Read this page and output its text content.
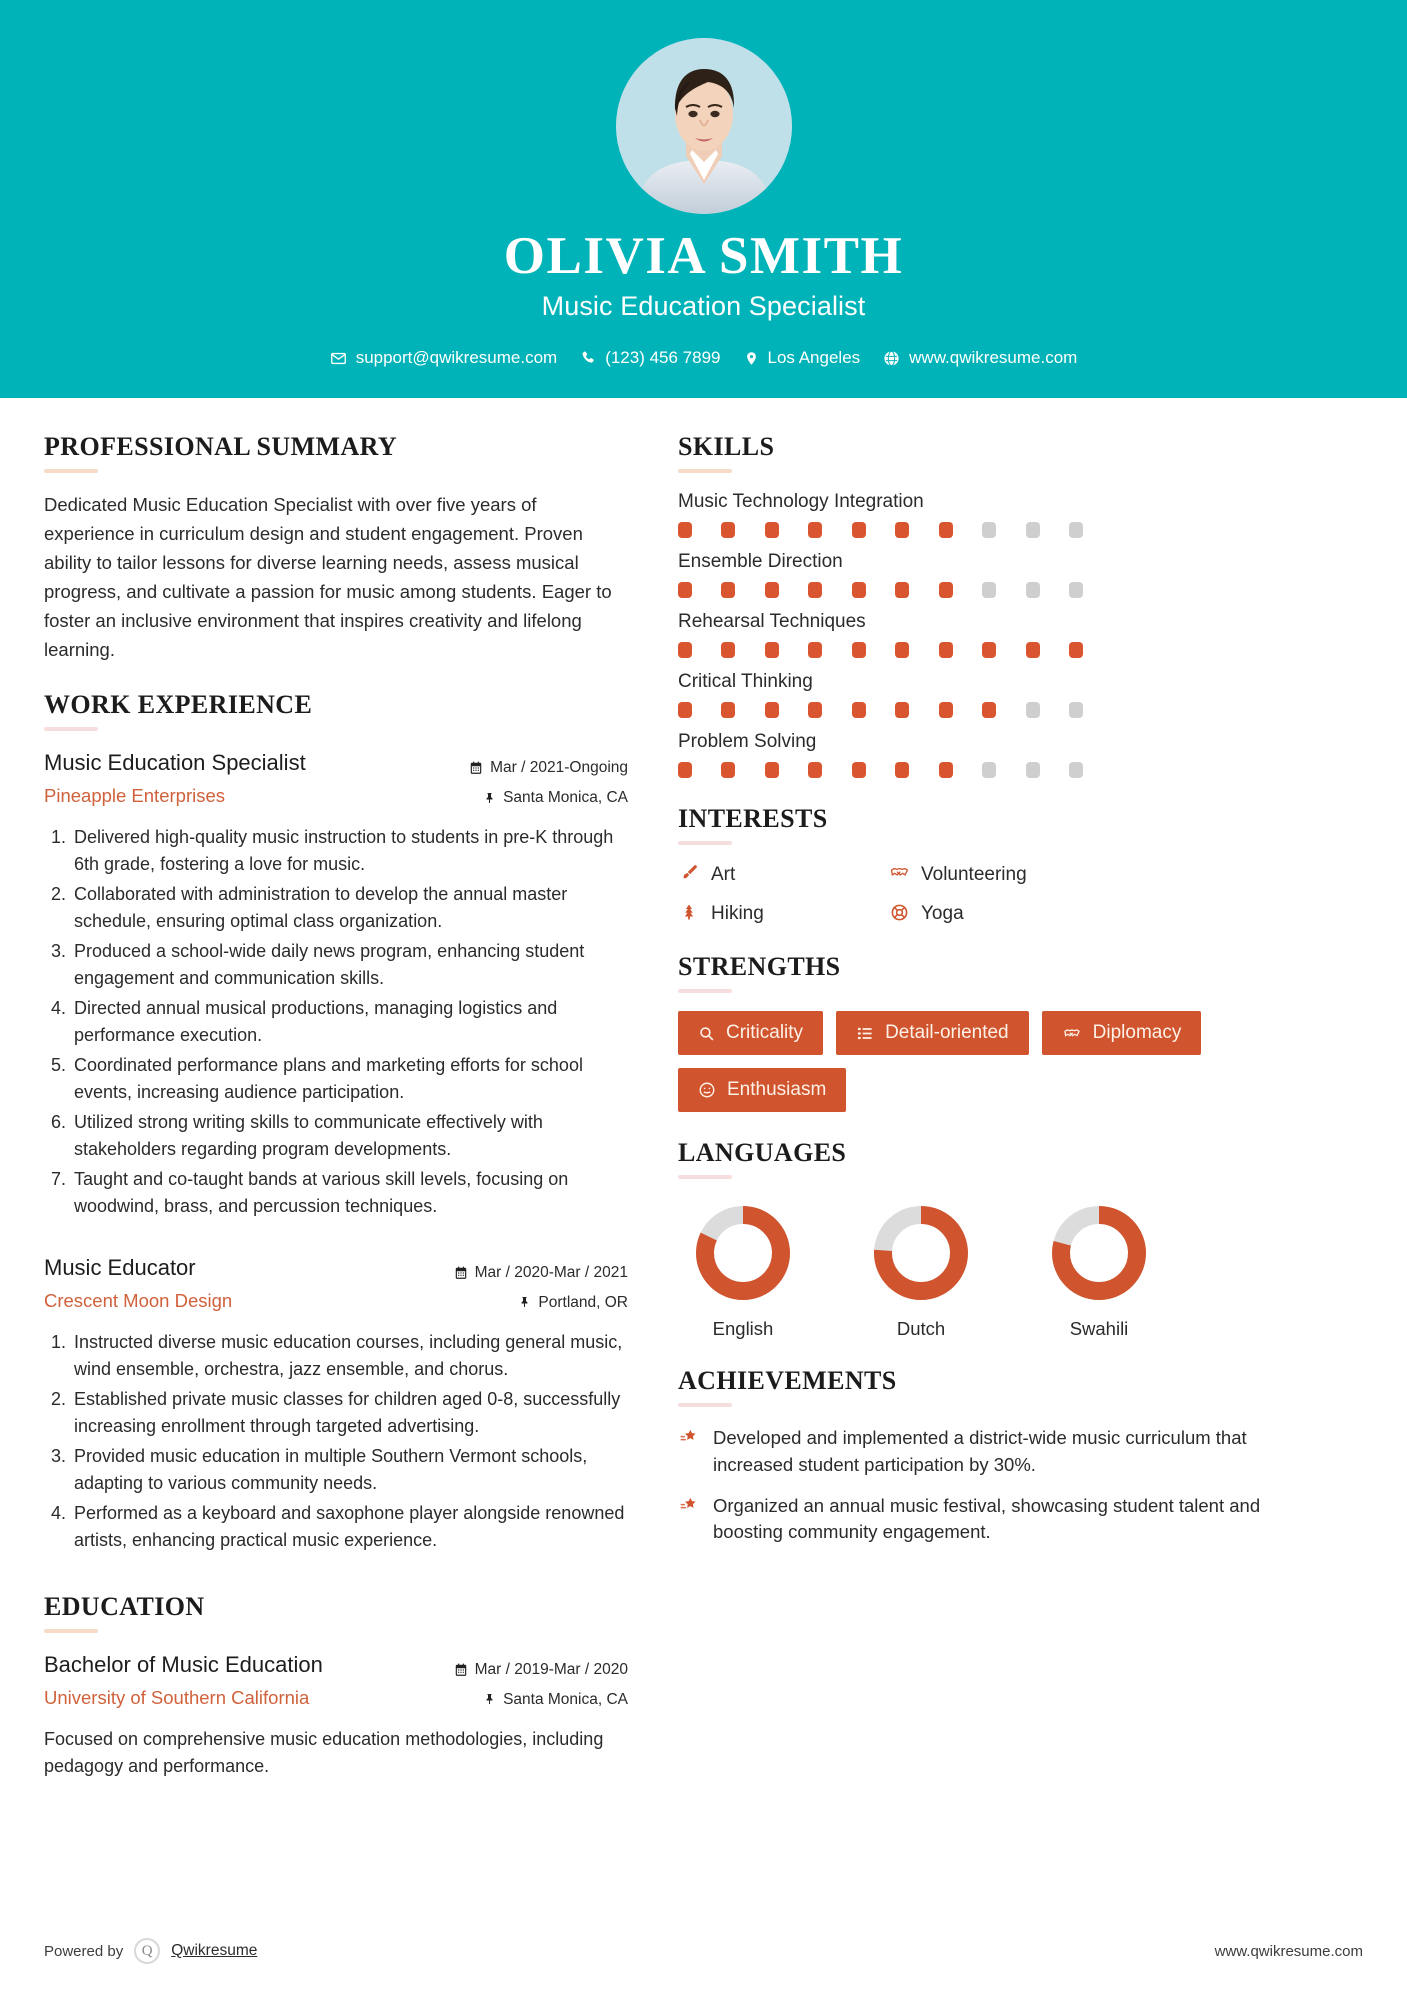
OLIVIA SMITH
Music Education Specialist
support@qwikresume.com	(123) 456 7899	Los Angeles	www.qwikresume.com
PROFESSIONAL SUMMARY
Dedicated Music Education Specialist with over five years of experience in curriculum design and student engagement. Proven ability to tailor lessons for diverse learning needs, assess musical progress, and cultivate a passion for music among students. Eager to foster an inclusive environment that inspires creativity and lifelong learning.
WORK EXPERIENCE
Music Education Specialist
Pineapple Enterprises
Mar / 2021-Ongoing
Santa Monica, CA
1. Delivered high-quality music instruction to students in pre-K through 6th grade, fostering a love for music.
2. Collaborated with administration to develop the annual master schedule, ensuring optimal class organization.
3. Produced a school-wide daily news program, enhancing student engagement and communication skills.
4. Directed annual musical productions, managing logistics and performance execution.
5. Coordinated performance plans and marketing efforts for school events, increasing audience participation.
6. Utilized strong writing skills to communicate effectively with stakeholders regarding program developments.
7. Taught and co-taught bands at various skill levels, focusing on woodwind, brass, and percussion techniques.
Music Educator
Crescent Moon Design
Mar / 2020-Mar / 2021
Portland, OR
1. Instructed diverse music education courses, including general music, wind ensemble, orchestra, jazz ensemble, and chorus.
2. Established private music classes for children aged 0-8, successfully increasing enrollment through targeted advertising.
3. Provided music education in multiple Southern Vermont schools, adapting to various community needs.
4. Performed as a keyboard and saxophone player alongside renowned artists, enhancing practical music experience.
EDUCATION
Bachelor of Music Education
University of Southern California
Mar / 2019-Mar / 2020
Santa Monica, CA
Focused on comprehensive music education methodologies, including pedagogy and performance.
SKILLS
Music Technology Integration
Ensemble Direction
Rehearsal Techniques
Critical Thinking
Problem Solving
INTERESTS
Art	Volunteering
Hiking	Yoga
STRENGTHS
Criticality	Detail-oriented	Diplomacy
Enthusiasm
LANGUAGES
English	Dutch	Swahili
ACHIEVEMENTS
Developed and implemented a district-wide music curriculum that increased student participation by 30%.
Organized an annual music festival, showcasing student talent and boosting community engagement.
Powered by	Q	Qwikresume	www.qwikresume.com
